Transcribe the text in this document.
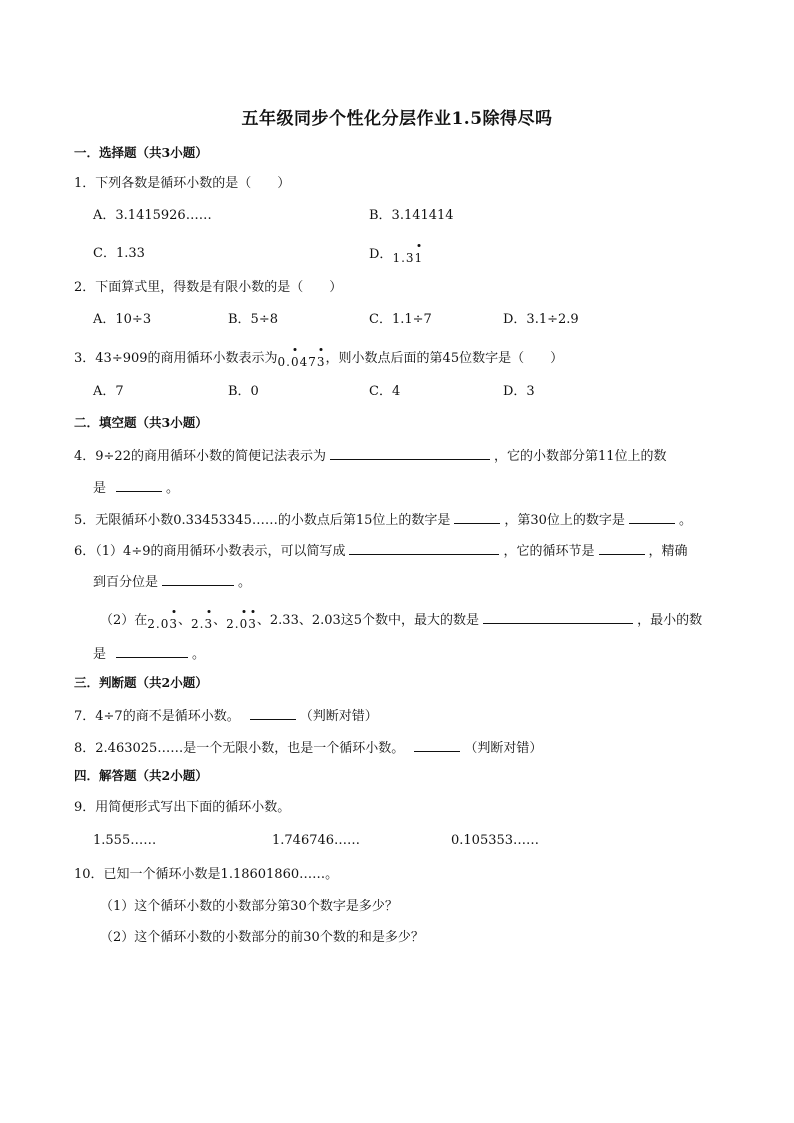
五年级同步个性化分层作业1.5除得尽吗
一．选择题（共3小题）
1．下列各数是循环小数的是（　　）
A．3.1415926……	B．3.141414
C．1.33	D．1.31
2．下面算式里，得数是有限小数的是（　　）
A．10÷3	B．5÷8	C．1.1÷7	D．3.1÷2.9
3．43÷909的商用循环小数表示为0.0473，则小数点后面的第45位数字是（　　）
A．7	B．0	C．4	D．3
二．填空题（共3小题）
4．9÷22的商用循环小数的简便记法表示为	，它的小数部分第11位上的数
是	。
5．无限循环小数0.33453345……的小数点后第15位上的数字是	，第30位上的数字是	。
6．（1）4÷9的商用循环小数表示，可以简写成	，它的循环节是	，精确
到百分位是	。
（2）在2.03、2.3、2.03、2.33、2.03这5个数中，最大的数是	，最小的数
是	。
三．判断题（共2小题）
7．4÷7的商不是循环小数。	（判断对错）
8．2.463025……是一个无限小数，也是一个循环小数。	（判断对错）
四．解答题（共2小题）
9．用简便形式写出下面的循环小数。
1.555……	1.746746……	0.105353……
10．已知一个循环小数是1.18601860……。
（1）这个循环小数的小数部分第30个数字是多少？
（2）这个循环小数的小数部分的前30个数的和是多少？
